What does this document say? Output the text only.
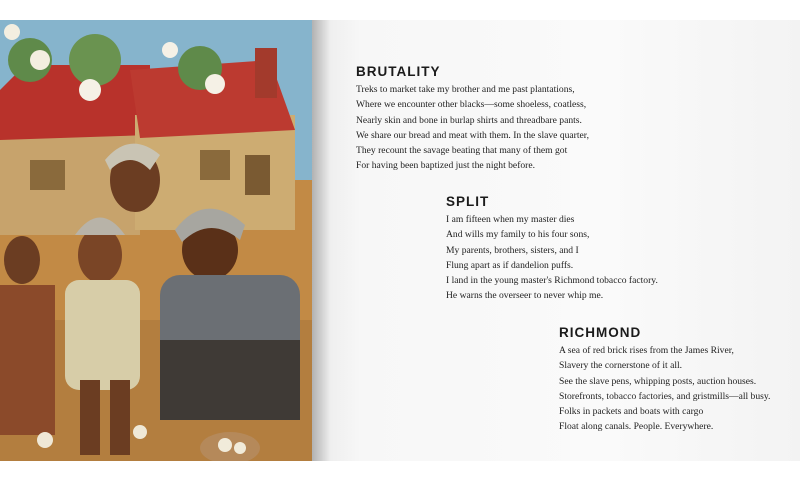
BRUTALITY
Treks to market take my brother and me past plantations,
Where we encounter other blacks—some shoeless, coatless,
Nearly skin and bone in burlap shirts and threadbare pants.
We share our bread and meat with them. In the slave quarter,
They recount the savage beating that many of them got
For having been baptized just the night before.
SPLIT
I am fifteen when my master dies
And wills my family to his four sons,
My parents, brothers, sisters, and I
Flung apart as if dandelion puffs.
I land in the young master's Richmond tobacco factory.
He warns the overseer to never whip me.
RICHMOND
A sea of red brick rises from the James River,
Slavery the cornerstone of it all.
See the slave pens, whipping posts, auction houses.
Storefronts, tobacco factories, and gristmills—all busy.
Folks in packets and boats with cargo
Float along canals. People. Everywhere.
